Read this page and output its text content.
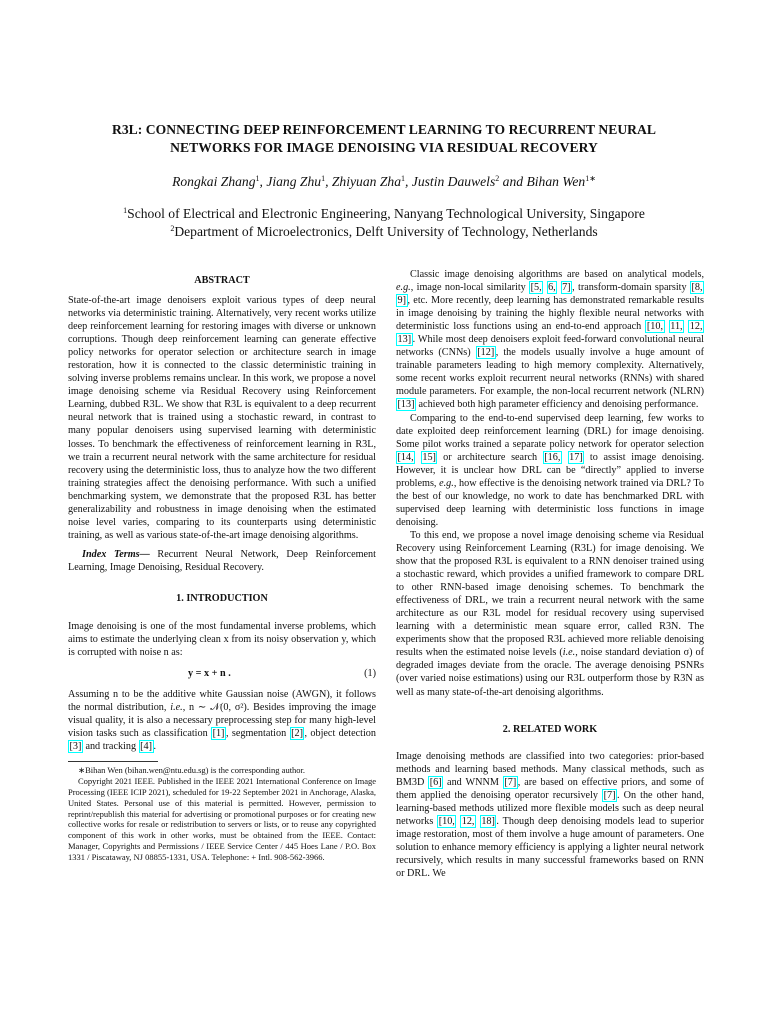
R3L: CONNECTING DEEP REINFORCEMENT LEARNING TO RECURRENT NEURAL
NETWORKS FOR IMAGE DENOISING VIA RESIDUAL RECOVERY
Rongkai Zhang$^1$, Jiang Zhu$^1$, Zhiyuan Zha$^1$, Justin Dauwels$^2$ and Bihan Wen$^{1∗}$
$^1$School of Electrical and Electronic Engineering, Nanyang Technological University, Singapore
$^2$Department of Microelectronics, Delft University of Technology, Netherlands
ABSTRACT

State-of-the-art image denoisers exploit various types of deep neural networks via deterministic training. Alternatively, very recent works utilize deep reinforcement learning for restoring images with diverse or unknown corruptions. Though deep reinforcement learning can generate effective policy networks for operator selection or architecture search in image restoration, how it is connected to the classic deterministic training in solving inverse problems remains unclear. In this work, we propose a novel image denoising scheme via Residual Recovery using Reinforcement Learning, dubbed R3L. We show that R3L is equivalent to a deep recurrent neural network that is trained using a stochastic reward, in contrast to many popular denoisers using supervised learning with deterministic losses. To benchmark the effectiveness of reinforcement learning in R3L, we train a recurrent neural network with the same architecture for residual recovery using the deterministic loss, thus to analyze how the two different training strategies affect the denoising performance. With such a unified benchmarking system, we demonstrate that the proposed R3L has better generalizability and robustness in image denoising when the estimated noise level varies, comparing to its counterparts using deterministic training, as well as various state-of-the-art image denoising algorithms.

Index Terms— Recurrent Neural Network, Deep Reinforcement Learning, Image Denoising, Residual Recovery.

1. INTRODUCTION

Image denoising is one of the most fundamental inverse problems, which aims to estimate the underlying clean x from its noisy observation y, which is corrupted with noise n as:

y = x + n .	(1)

Assuming n to be the additive white Gaussian noise (AWGN), it follows the normal distribution, i.e., n ∼ 𝒩(0, σ²). Besides improving the image visual quality, it is also a necessary preprocessing step for many high-level vision tasks such as classification [1] , segmentation [2] , object detection [3] and tracking [4] .

∗Bihan Wen (bihan.wen@ntu.edu.sg) is the corresponding author.

Copyright 2021 IEEE. Published in the IEEE 2021 International Conference on Image Processing (IEEE ICIP 2021), scheduled for 19-22 September 2021 in Anchorage, Alaska, United States. Personal use of this material is permitted. However, permission to reprint/republish this material for advertising or promotional purposes or for creating new collective works for resale or redistribution to servers or lists, or to reuse any copyrighted component of this work in other works, must be obtained from the IEEE. Contact: Manager, Copyrights and Permissions / IEEE Service Center / 445 Hoes Lane / P.O. Box 1331 / Piscataway, NJ 08855-1331, USA. Telephone: + Intl. 908-562-3966.

Classic image denoising algorithms are based on analytical models, e.g., image non-local similarity [5, 6, 7] , transform-domain sparsity [8, 9] , etc. More recently, deep learning has demonstrated remarkable results in image denoising by training the highly flexible neural networks with deterministic loss functions using an end-to-end approach [10, 11, 12, 13] . While most deep denoisers exploit feed-forward convolutional neural networks (CNNs) [12] , the models usually involve a huge amount of trainable parameters leading to high memory complexity. Alternatively, some recent works exploit recurrent neural networks (RNNs) with shared module parameters. For example, the non-local recurrent network (NLRN) [13] achieved both high parameter efficiency and denoising performance.

Comparing to the end-to-end supervised deep learning, few works to date exploited deep reinforcement learning (DRL) for image denoising. Some pilot works trained a separate policy network for operator selection [14, 15] or architecture search [16, 17] to assist image denoising. However, it is unclear how DRL can be “directly” applied to inverse problems, e.g., how effective is the denoising network trained via DRL? To the best of our knowledge, no work to date has benchmarked DRL with supervised deep learning with deterministic loss functions in image denoising.

To this end, we propose a novel image denoising scheme via Residual Recovery using Reinforcement Learning (R3L) for image denoising. We show that the proposed R3L is equivalent to a RNN denoiser trained using a stochastic reward, which provides a unified framework to compare DRL to other RNN-based image denoising schemes. To benchmark the effectiveness of DRL, we train a recurrent neural network with the same architecture as our R3L model for residual recovery using supervised learning with a deterministic mean square error, called R3N. The experiments show that the proposed R3L achieved more reliable denoising results when the estimated noise levels (i.e., noise standard deviation σ) of degraded images deviate from the oracle. The average denoising PSNRs (over varied noise estimations) using our R3L outperform those by R3N as well as many state-of-the-art denoising algorithms.

2. RELATED WORK

Image denoising methods are classified into two categories: prior-based methods and learning based methods. Many classical methods, such as BM3D [6] and WNNM [7] , are based on effective priors, and some of them applied the denoising operator recursively [7] . On the other hand, learning-based methods utilized more flexible models such as deep neural networks [10, 12, 18] . Though deep denoising models lead to superior image restoration, most of them involve a huge amount of parameters. One solution to enhance memory efficiency is applying a lighter neural network recursively, which results in many successful frameworks based on RNN or DRL. We
